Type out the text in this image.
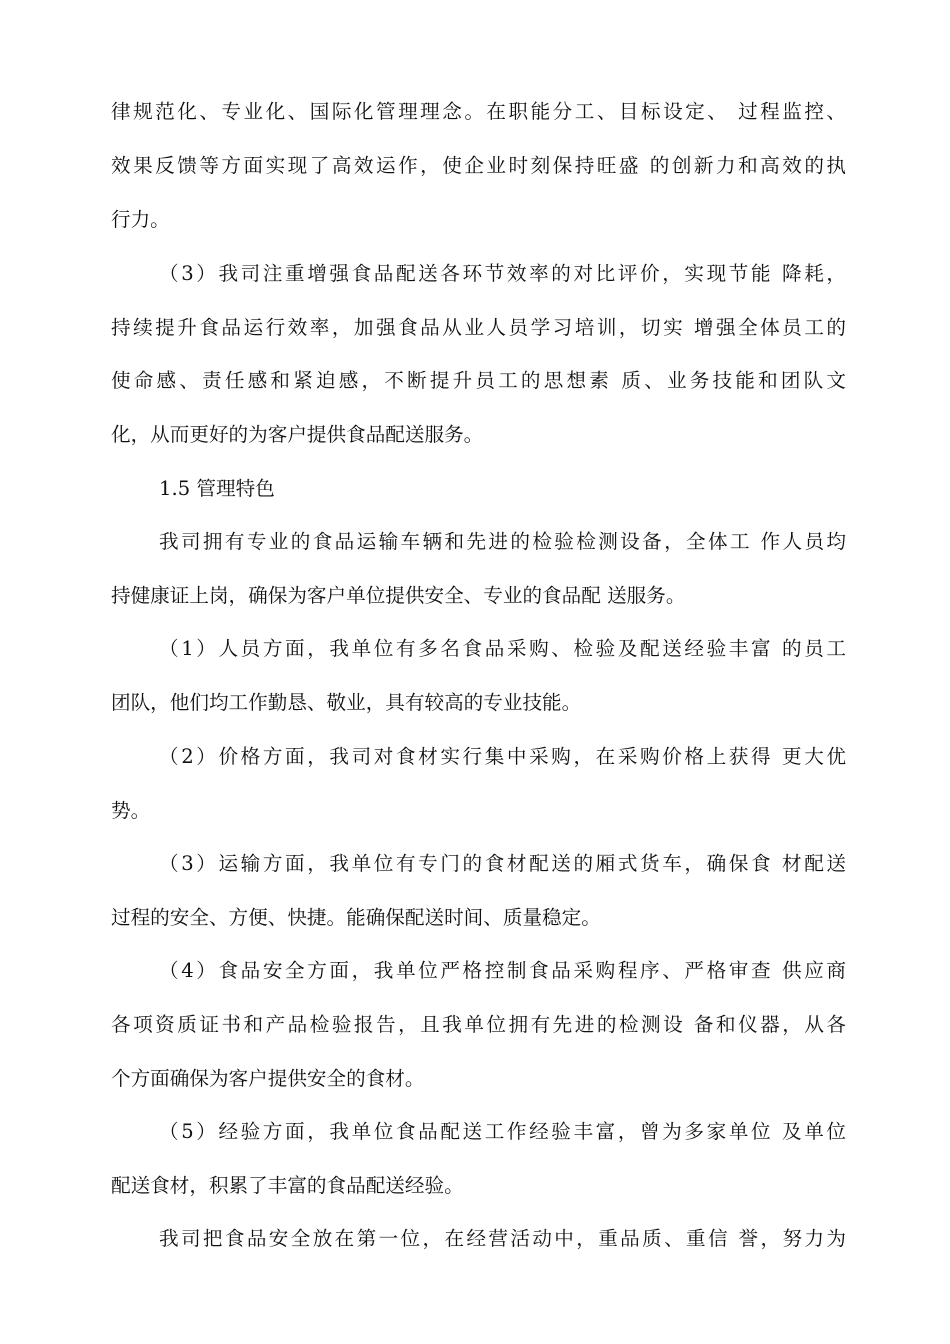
律规范化、专业化、国际化管理理念。在职能分工、目标设定、 过程监控、
效果反馈等方面实现了高效运作，使企业时刻保持旺盛 的创新力和高效的执
行力。
（3）我司注重增强食品配送各环节效率的对比评价，实现节能 降耗，
持续提升食品运行效率，加强食品从业人员学习培训，切实 增强全体员工的
使命感、责任感和紧迫感，不断提升员工的思想素 质、业务技能和团队文
化，从而更好的为客户提供食品配送服务。
1.5 管理特色
我司拥有专业的食品运输车辆和先进的检验检测设备，全体工 作人员均
持健康证上岗，确保为客户单位提供安全、专业的食品配 送服务。
（1）人员方面，我单位有多名食品采购、检验及配送经验丰富 的员工
团队，他们均工作勤恳、敬业，具有较高的专业技能。
（2）价格方面，我司对食材实行集中采购，在采购价格上获得 更大优
势。
（3）运输方面，我单位有专门的食材配送的厢式货车，确保食 材配送
过程的安全、方便、快捷。能确保配送时间、质量稳定。
（4）食品安全方面，我单位严格控制食品采购程序、严格审查 供应商
各项资质证书和产品检验报告，且我单位拥有先进的检测设 备和仪器，从各
个方面确保为客户提供安全的食材。
（5）经验方面，我单位食品配送工作经验丰富，曾为多家单位 及单位
配送食材，积累了丰富的食品配送经验。
我司把食品安全放在第一位，在经营活动中，重品质、重信 誉，努力为
